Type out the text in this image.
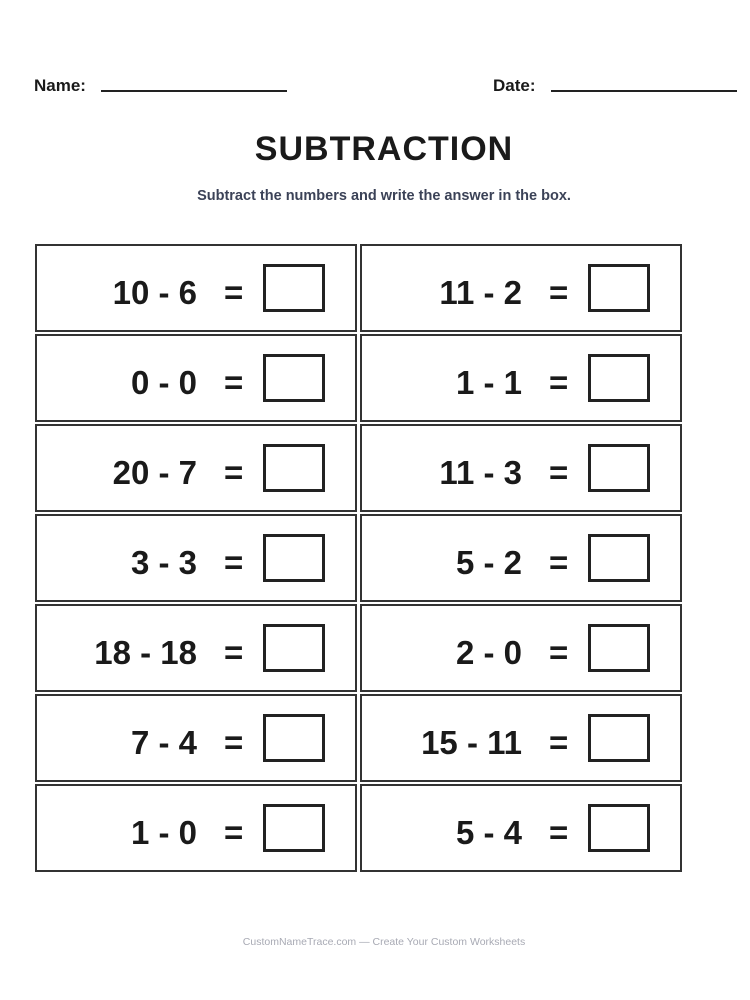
Name:	Date:
SUBTRACTION
Subtract the numbers and write the answer in the box.
10 - 6 =	11 - 2 =
0 - 0 =	1 - 1 =
20 - 7 =	11 - 3 =
3 - 3 =	5 - 2 =
18 - 18 =	2 - 0 =
7 - 4 =	15 - 11 =
1 - 0 =	5 - 4 =
CustomNameTrace.com — Create Your Custom Worksheets
